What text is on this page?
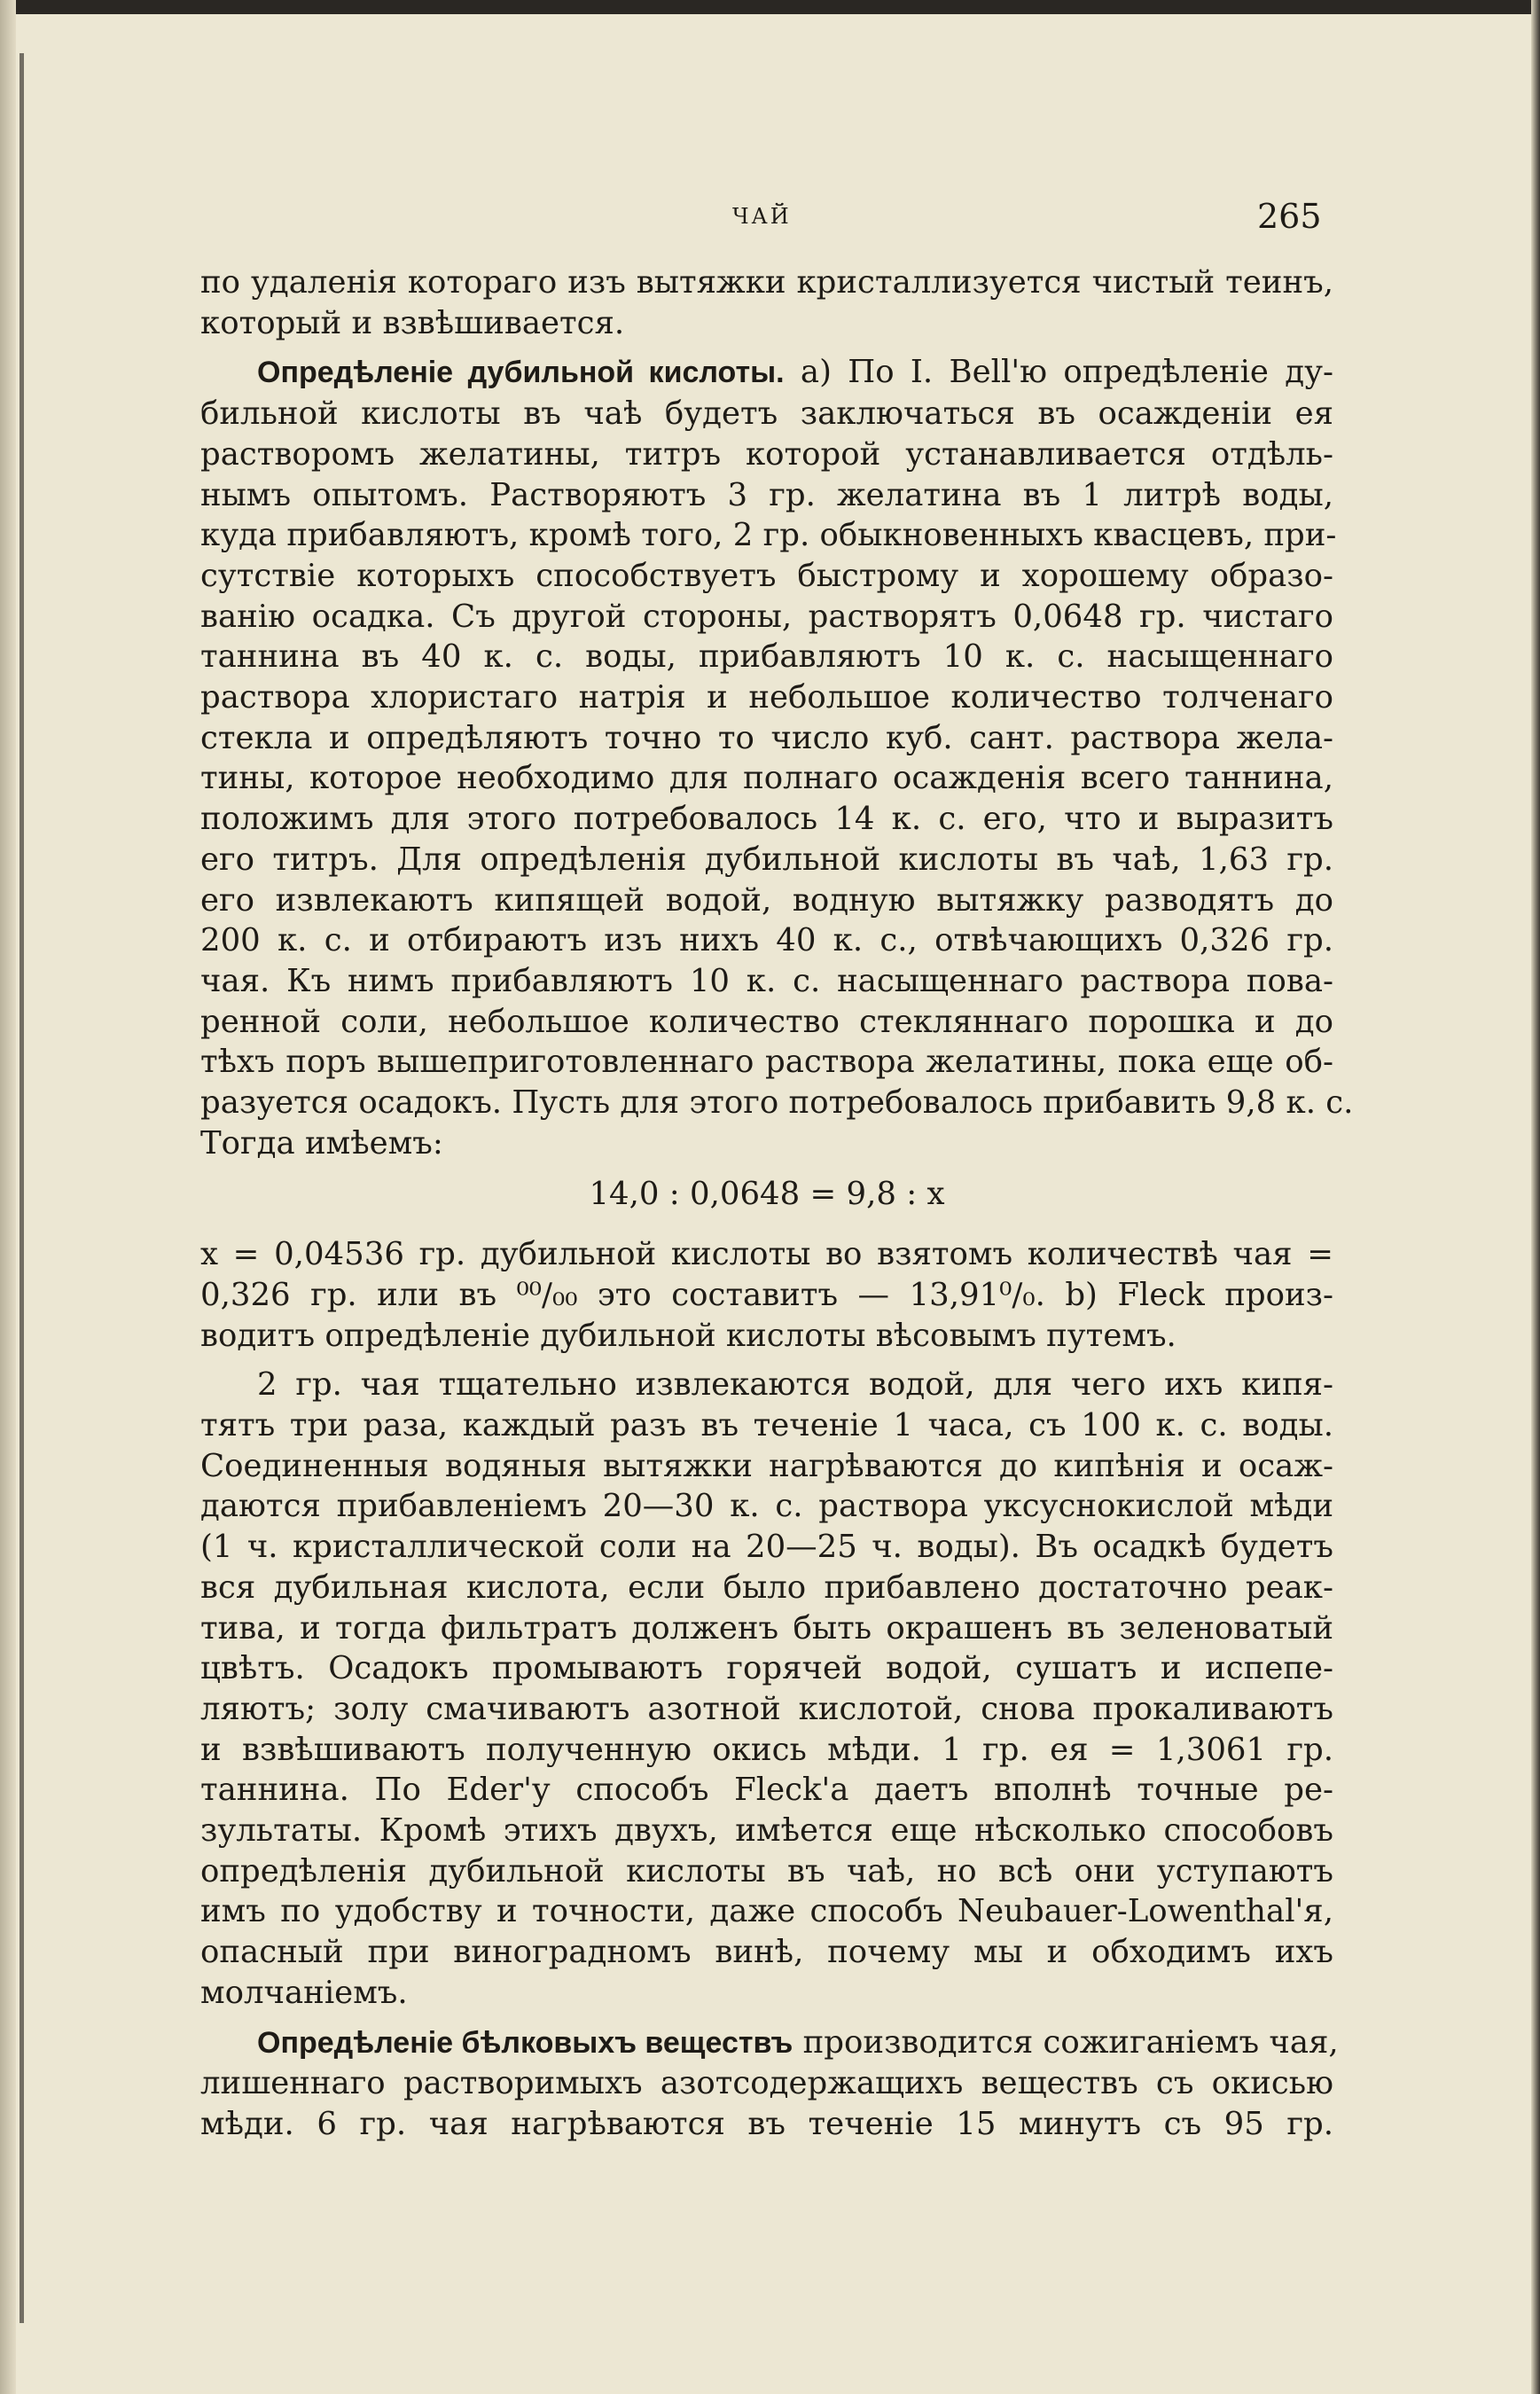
ЧАЙ	265
по удаленія котораго изъ вытяжки кристаллизуется чистый теинъ,
который и взвѣшивается.
Опредѣленіе дубильной кислоты. а) По I. Bell'ю опредѣленіе ду-
бильной кислоты въ чаѣ будетъ заключаться въ осажденіи ея
растворомъ желатины, титръ которой устанавливается отдѣль-
нымъ опытомъ. Растворяютъ 3 гр. желатина въ 1 литрѣ воды,
куда прибавляютъ, кромѣ того, 2 гр. обыкновенныхъ квасцевъ, при-
сутствіе которыхъ способствуетъ быстрому и хорошему образо-
ванію осадка. Съ другой стороны, растворятъ 0,0648 гр. чистаго
таннина въ 40 к. с. воды, прибавляютъ 10 к. с. насыщеннаго
раствора хлористаго натрія и небольшое количество толченаго
стекла и опредѣляютъ точно то число куб. сант. раствора жела-
тины, которое необходимо для полнаго осажденія всего таннина,
положимъ для этого потребовалось 14 к. с. его, что и выразитъ
его титръ. Для опредѣленія дубильной кислоты въ чаѣ, 1,63 гр.
его извлекаютъ кипящей водой, водную вытяжку разводятъ до
200 к. с. и отбираютъ изъ нихъ 40 к. с., отвѣчающихъ 0,326 гр.
чая. Къ нимъ прибавляютъ 10 к. с. насыщеннаго раствора пова-
ренной соли, небольшое количество стекляннаго порошка и до
тѣхъ поръ вышеприготовленнаго раствора желатины, пока еще об-
разуется осадокъ. Пусть для этого потребовалось прибавить 9,8 к. с.
Тогда имѣемъ:
14,0 : 0,0648 = 9,8 : x
x = 0,04536 гр. дубильной кислоты во взятомъ количествѣ чая =
0,326 гр. или въ ⁰⁰/₀₀ это составитъ — 13,91⁰/₀. b) Fleck произ-
водитъ опредѣленіе дубильной кислоты вѣсовымъ путемъ.
2 гр. чая тщательно извлекаются водой, для чего ихъ кипя-
тятъ три раза, каждый разъ въ теченіе 1 часа, съ 100 к. с. воды.
Соединенныя водяныя вытяжки нагрѣваются до кипѣнія и осаж-
даются прибавленіемъ 20—30 к. с. раствора уксуснокислой мѣди
(1 ч. кристаллической соли на 20—25 ч. воды). Въ осадкѣ будетъ
вся дубильная кислота, если было прибавлено достаточно реак-
тива, и тогда фильтратъ долженъ быть окрашенъ въ зеленоватый
цвѣтъ. Осадокъ промываютъ горячей водой, сушатъ и испепе-
ляютъ; золу смачиваютъ азотной кислотой, снова прокаливаютъ
и взвѣшиваютъ полученную окись мѣди. 1 гр. ея = 1,3061 гр.
таннина. По Eder'у способъ Fleck'а даетъ вполнѣ точные ре-
зультаты. Кромѣ этихъ двухъ, имѣется еще нѣсколько способовъ
опредѣленія дубильной кислоты въ чаѣ, но всѣ они уступаютъ
имъ по удобству и точности, даже способъ Neubauer-Lowenthal'я,
опасный при виноградномъ винѣ, почему мы и обходимъ ихъ
молчаніемъ.
Опредѣленіе бѣлковыхъ веществъ производится сожиганіемъ чая,
лишеннаго растворимыхъ азотсодержащихъ веществъ съ окисью
мѣди. 6 гр. чая нагрѣваются въ теченіе 15 минутъ съ 95 гр.
